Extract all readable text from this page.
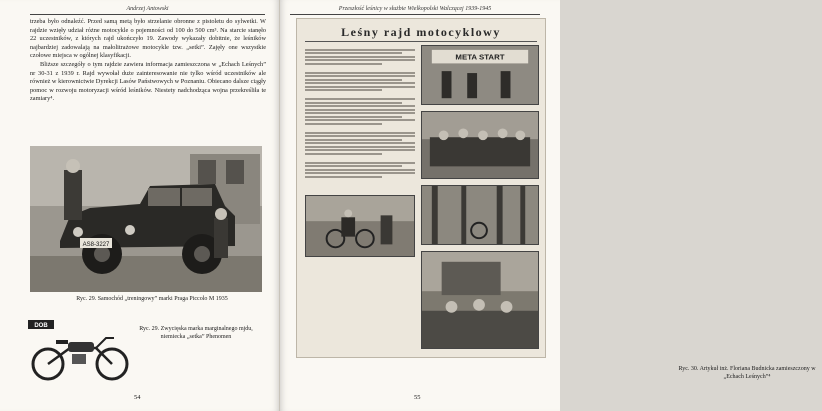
Andrzej Antowski

trzeba było odnaleźć. Przed samą metą było strzelanie obronne z pistoletu do sylwetki. W rajdzie wzięły udział różne motocykle o pojemności od 100 do 500 cm³. Na starcie stanęło 22 uczestników, z których rajd ukończyło 19. Zawody wykazały dobitnie, że leśników najbardziej zadowalają na małolitrażowe motocykle tzw. „setki”. Zajęły one wszystkie czołowe miejsca w ogólnej klasyfikacji.

Bliższe szczegóły o tym rajdzie zawiera informacja zamieszczona w „Echach Leśnych” nr 30-31 z 1939 r. Rajd wywołał duże zainteresowanie nie tylko wśród uczestników ale również w kierownictwie Dyrekcji Lasów Państwowych w Poznaniu. Obiecano dalsze ciągły pomoc w rozwoju motoryzacji wśród leśników. Niestety nadchodząca wojna przekreśliła te zamiary⁴.

AS8-3227
Ryc. 29. Samochód „treningowy” marki Praga Piccolo M 1935
DOB	Ryc. 29. Zwycięska marka marginalnego mjdu, niemiecka „setka” Phenomen
54
Przeszłość leśnicy w służbie Wielkopolski Walczącej 1939-1945
Leśny rajd motocyklowy
META START
Ryc. 30. Artykuł inż. Floriana Budnicka zamieszczony w „Echach Leśnych”⁴
55
